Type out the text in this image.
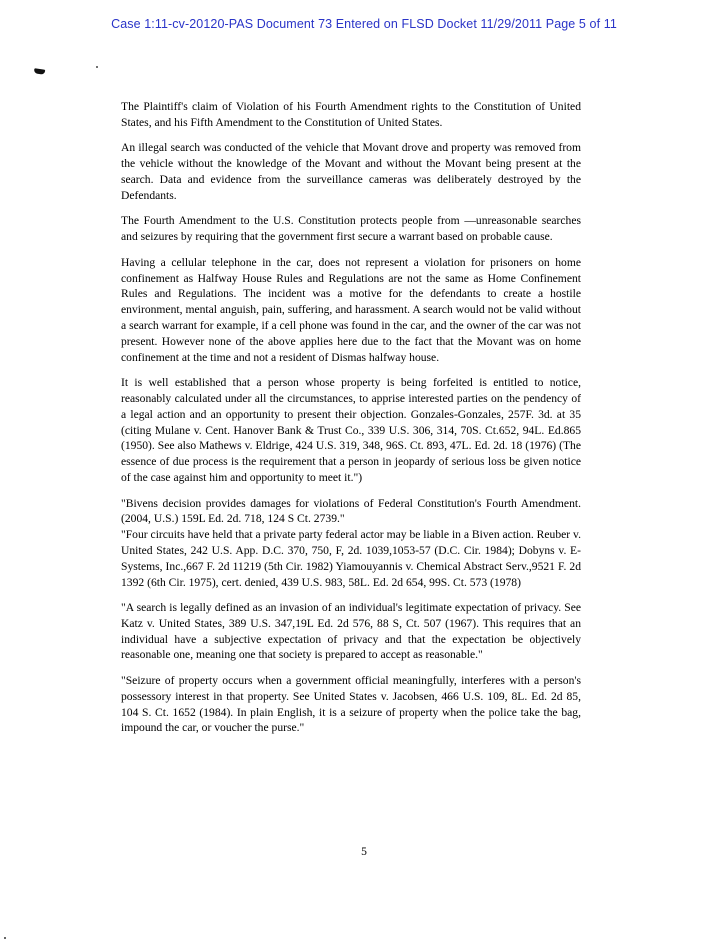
Case 1:11-cv-20120-PAS Document 73 Entered on FLSD Docket 11/29/2011 Page 5 of 11

The Plaintiff's claim of Violation of his Fourth Amendment rights to the Constitution of United States, and his Fifth Amendment to the Constitution of United States.

An illegal search was conducted of the vehicle that Movant drove and property was removed from the vehicle without the knowledge of the Movant and without the Movant being present at the search. Data and evidence from the surveillance cameras was deliberately destroyed by the Defendants.

The Fourth Amendment to the U.S. Constitution protects people from —unreasonable searches and seizures by requiring that the government first secure a warrant based on probable cause.

Having a cellular telephone in the car, does not represent a violation for prisoners on home confinement as Halfway House Rules and Regulations are not the same as Home Confinement Rules and Regulations. The incident was a motive for the defendants to create a hostile environment, mental anguish, pain, suffering, and harassment. A search would not be valid without a search warrant for example, if a cell phone was found in the car, and the owner of the car was not present. However none of the above applies here due to the fact that the Movant was on home confinement at the time and not a resident of Dismas halfway house.

It is well established that a person whose property is being forfeited is entitled to notice, reasonably calculated under all the circumstances, to apprise interested parties on the pendency of a legal action and an opportunity to present their objection. Gonzales-Gonzales, 257F. 3d. at 35 (citing Mulane v. Cent. Hanover Bank & Trust Co., 339 U.S. 306, 314, 70S. Ct.652, 94L. Ed.865 (1950). See also Mathews v. Eldrige, 424 U.S. 319, 348, 96S. Ct. 893, 47L. Ed. 2d. 18 (1976) (The essence of due process is the requirement that a person in jeopardy of serious loss be given notice of the case against him and opportunity to meet it.")

"Bivens decision provides damages for violations of Federal Constitution's Fourth Amendment. (2004, U.S.) 159L Ed. 2d. 718, 124 S Ct. 2739."

"Four circuits have held that a private party federal actor may be liable in a Biven action. Reuber v. United States, 242 U.S. App. D.C. 370, 750, F, 2d. 1039,1053-57 (D.C. Cir. 1984); Dobyns v. E-Systems, Inc.,667 F. 2d 11219 (5th Cir. 1982) Yiamouyannis v. Chemical Abstract Serv.,9521 F. 2d 1392 (6th Cir. 1975), cert. denied, 439 U.S. 983, 58L. Ed. 2d 654, 99S. Ct. 573 (1978)

"A search is legally defined as an invasion of an individual's legitimate expectation of privacy. See Katz v. United States, 389 U.S. 347,19L Ed. 2d 576, 88 S, Ct. 507 (1967). This requires that an individual have a subjective expectation of privacy and that the expectation be objectively reasonable one, meaning one that society is prepared to accept as reasonable."

"Seizure of property occurs when a government official meaningfully, interferes with a person's possessory interest in that property. See United States v. Jacobsen, 466 U.S. 109, 8L. Ed. 2d 85, 104 S. Ct. 1652 (1984). In plain English, it is a seizure of property when the police take the bag, impound the car, or voucher the purse."

5
